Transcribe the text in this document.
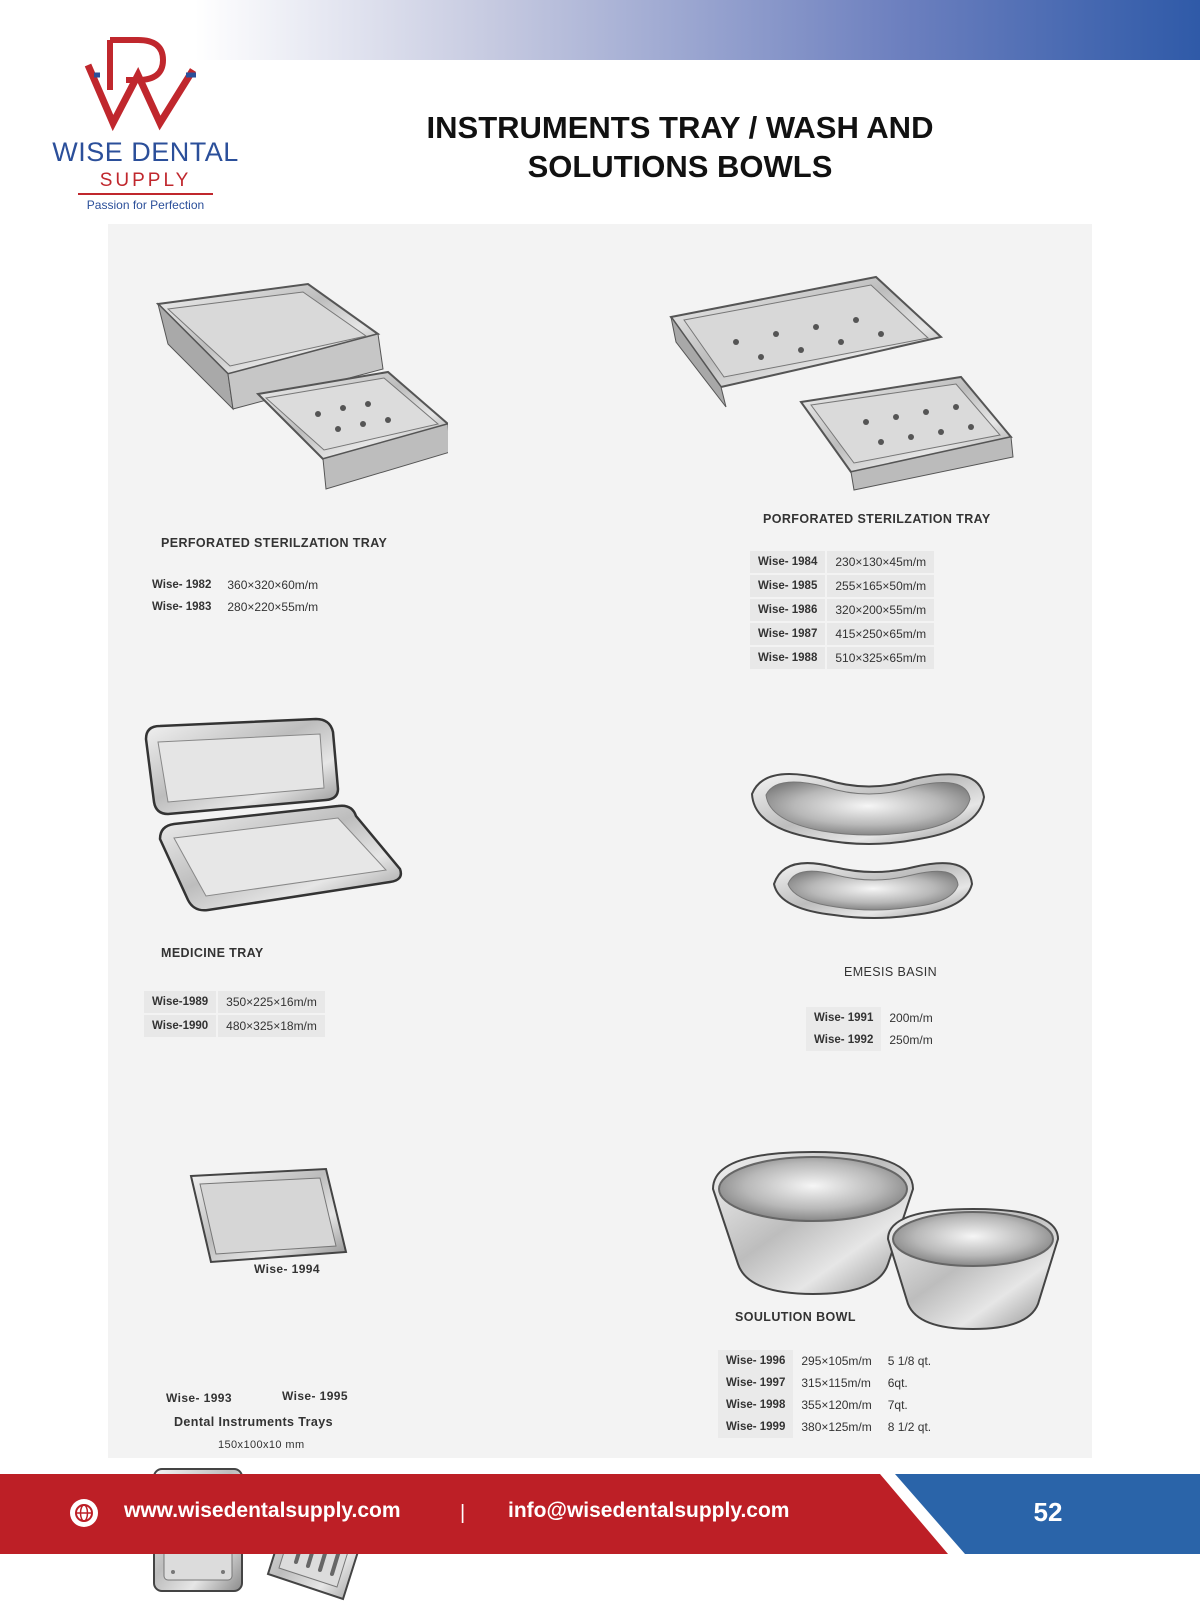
WISE DENTAL
SUPPLY
Passion for Perfection
INSTRUMENTS TRAY / WASH AND
SOLUTIONS BOWLS
PERFORATED STERILZATION TRAY
Wise- 1982	360×320×60m/m
Wise- 1983	280×220×55m/m
PORFORATED STERILZATION TRAY
Wise- 1984	230×130×45m/m
Wise- 1985	255×165×50m/m
Wise- 1986	320×200×55m/m
Wise- 1987	415×250×65m/m
Wise- 1988	510×325×65m/m
MEDICINE TRAY
Wise-1989	350×225×16m/m
Wise-1990	480×325×18m/m
EMESIS BASIN
Wise- 1991	200m/m
Wise- 1992	250m/m
Wise- 1994
Wise- 1993	Wise- 1995
Dental Instruments Trays
150x100x10 mm
SOULUTION BOWL
Wise- 1996	295×105m/m	5 1/8 qt.
Wise- 1997	315×115m/m	6qt.
Wise- 1998	355×120m/m	7qt.
Wise- 1999	380×125m/m	8 1/2 qt.
www.wisedentalsupply.com	| info@wisedentalsupply.com	52
